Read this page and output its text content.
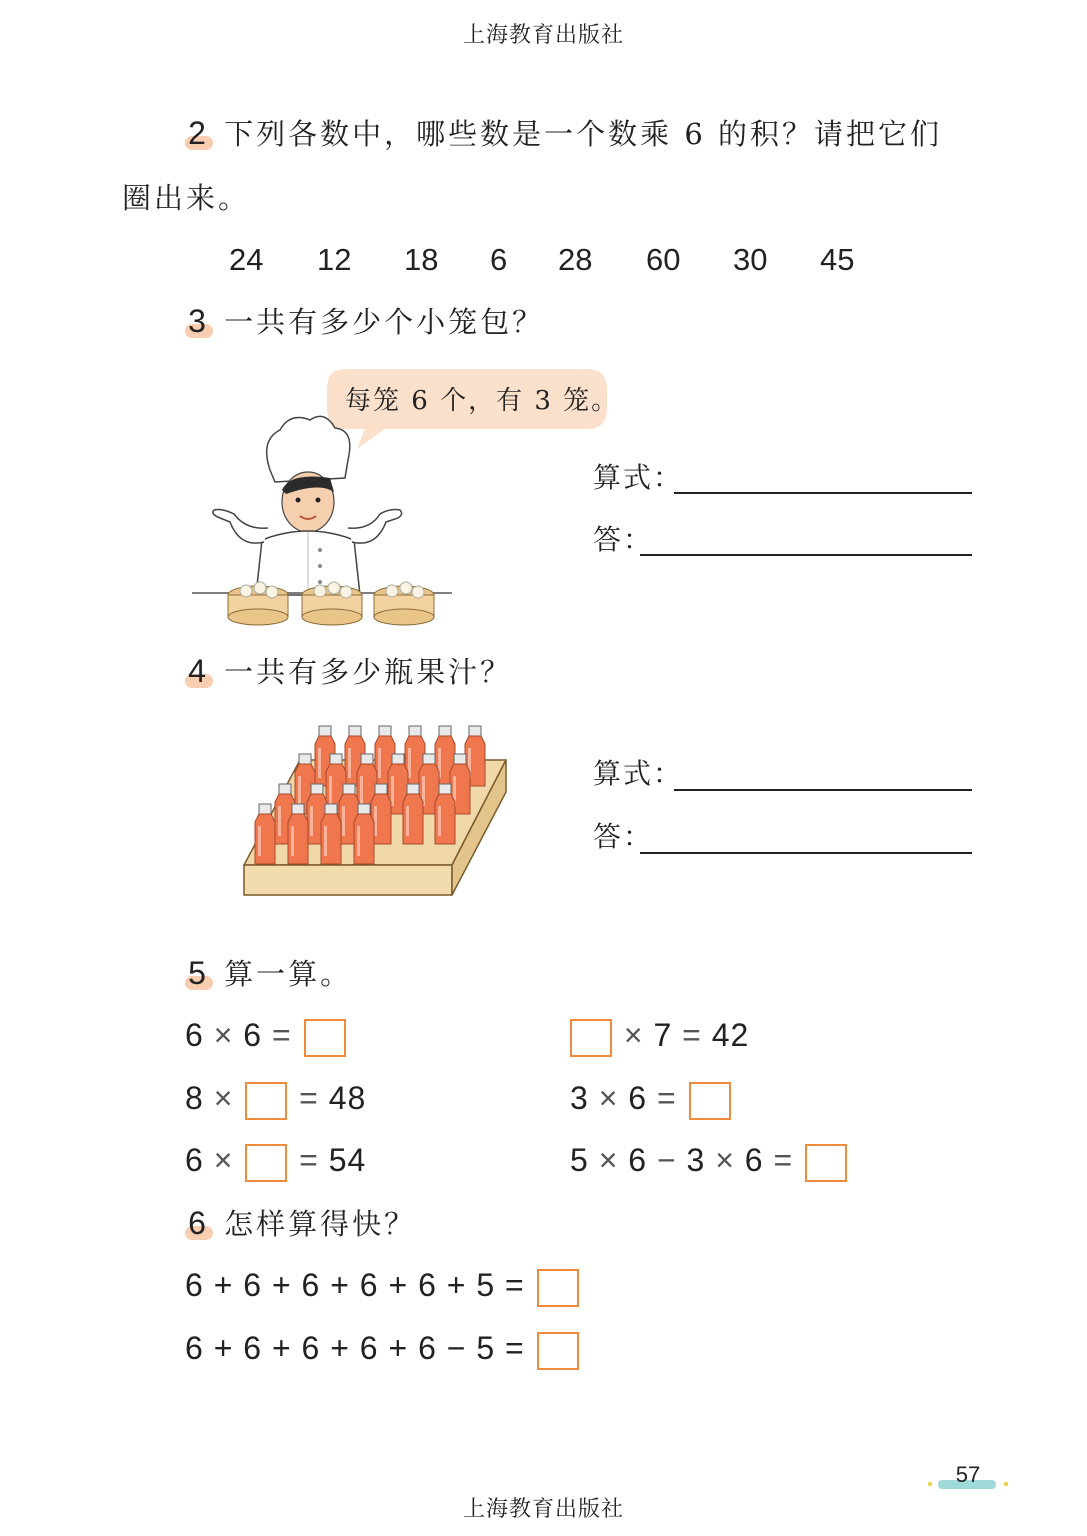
上海教育出版社
2 下列各数中，哪些数是一个数乘 6 的积？请把它们
圈出来。
24 12 18 6 28 60 30 45
3 一共有多少个小笼包？
每笼 6 个，有 3 笼。
算式：
答：
4 一共有多少瓶果汁？
算式：
答：
5 算一算。
6 × 6 =
8 × = 48
6 × = 54
× 7 = 42
3 × 6 =
5 × 6 − 3 × 6 =
6 怎样算得快？
6 + 6 + 6 + 6 + 6 + 5 =
6 + 6 + 6 + 6 + 6 − 5 =
57
上海教育出版社
